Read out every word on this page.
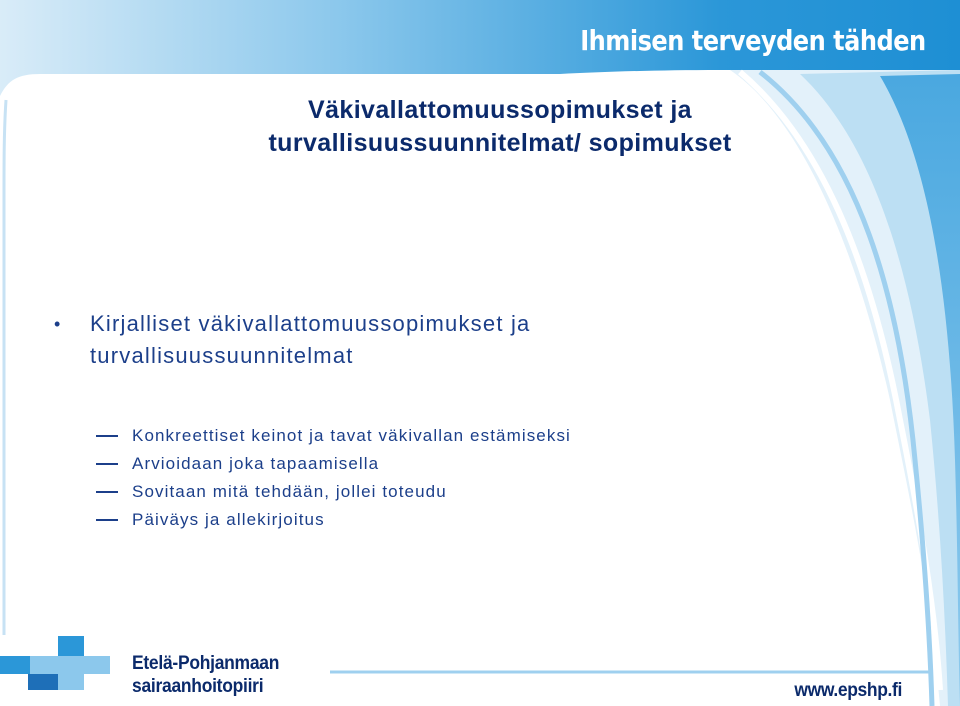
Ihmisen terveyden tähden
Väkivallattomuussopimukset ja
turvallisuussuunnitelmat/ sopimukset
• Kirjalliset väkivallattomuussopimukset ja
turvallisuussuunnitelmat
Konkreettiset keinot ja tavat väkivallan estämiseksi
Arvioidaan joka tapaamisella
Sovitaan mitä tehdään, jollei toteudu
Päiväys ja allekirjoitus
Etelä-Pohjanmaan
sairaanhoitopiiri	www.epshp.fi
